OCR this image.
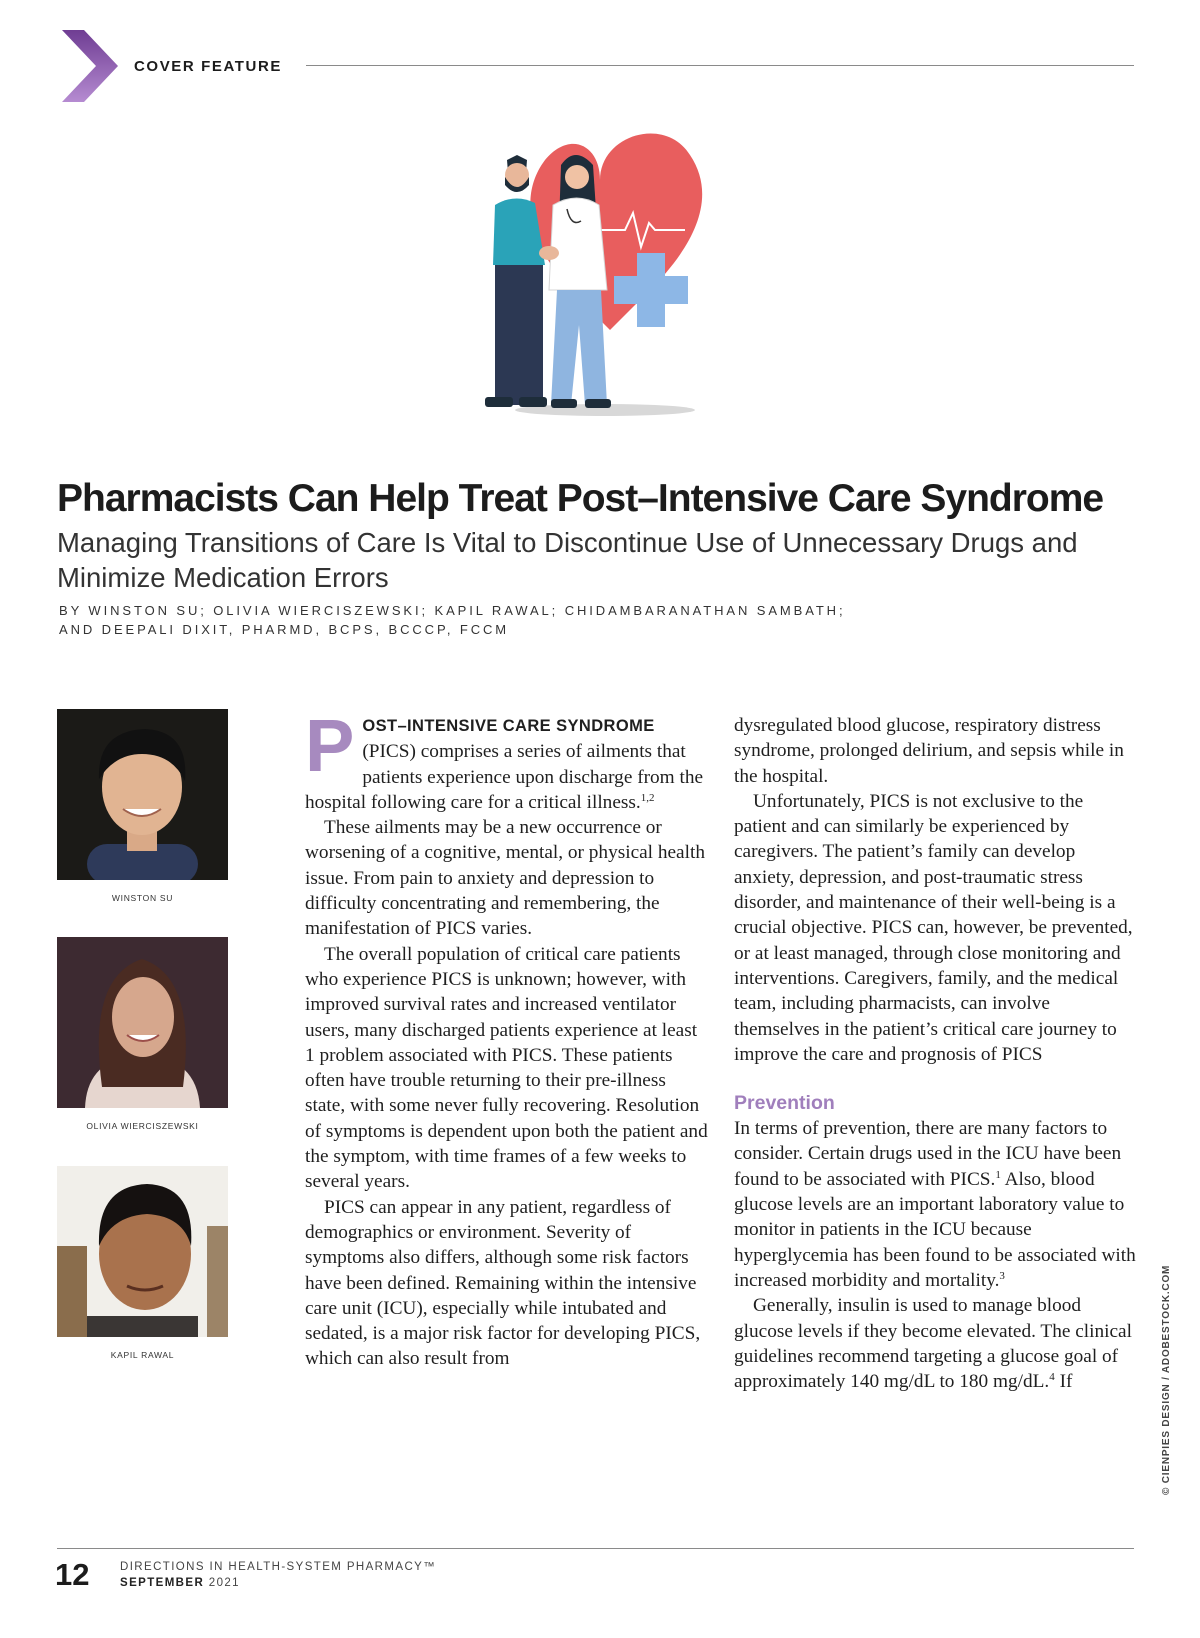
COVER FEATURE
Pharmacists Can Help Treat Post–Intensive Care Syndrome
Managing Transitions of Care Is Vital to Discontinue Use of Unnecessary Drugs and Minimize Medication Errors
BY WINSTON SU; OLIVIA WIERCISZEWSKI; KAPIL RAWAL; CHIDAMBARANATHAN SAMBATH;
AND DEEPALI DIXIT, PHARMD, BCPS, BCCCP, FCCM
WINSTON SU
OLIVIA WIERCISZEWSKI
KAPIL RAWAL

POST–INTENSIVE CARE SYNDROME (PICS) comprises a series of ailments that patients experience upon discharge from the hospital following care for a critical illness.$^{1,2}$

These ailments may be a new occurrence or worsening of a cognitive, mental, or physical health issue. From pain to anxiety and depression to difficulty concentrating and remembering, the manifestation of PICS varies.

The overall population of critical care patients who experience PICS is unknown; however, with improved survival rates and increased ventilator users, many discharged patients experience at least 1 problem associated with PICS. These patients often have trouble returning to their pre-illness state, with some never fully recovering. Resolution of symptoms is dependent upon both the patient and the symptom, with time frames of a few weeks to several years.

PICS can appear in any patient, regardless of demographics or environment. Severity of symptoms also differs, although some risk factors have been defined. Remaining within the intensive care unit (ICU), especially while intubated and sedated, is a major risk factor for developing PICS, which can also result from

dysregulated blood glucose, respiratory distress syndrome, prolonged delirium, and sepsis while in the hospital.

Unfortunately, PICS is not exclusive to the patient and can similarly be experienced by caregivers. The patient’s family can develop anxiety, depression, and post-traumatic stress disorder, and maintenance of their well-being is a crucial objective. PICS can, however, be prevented, or at least managed, through close monitoring and interventions. Caregivers, family, and the medical team, including pharmacists, can involve themselves in the patient’s critical care journey to improve the care and prognosis of PICS

Prevention

In terms of prevention, there are many factors to consider. Certain drugs used in the ICU have been found to be associated with PICS.$^1$ Also, blood glucose levels are an important laboratory value to monitor in patients in the ICU because hyperglycemia has been found to be associated with increased morbidity and mortality.$^3$

Generally, insulin is used to manage blood glucose levels if they become elevated. The clinical guidelines recommend targeting a glucose goal of approximately 140 mg/dL to 180 mg/dL.$^4$ If	© CIENPIES DESIGN / ADOBESTOCK.COM
12	DIRECTIONS IN HEALTH-SYSTEM PHARMACY™
SEPTEMBER 2021
